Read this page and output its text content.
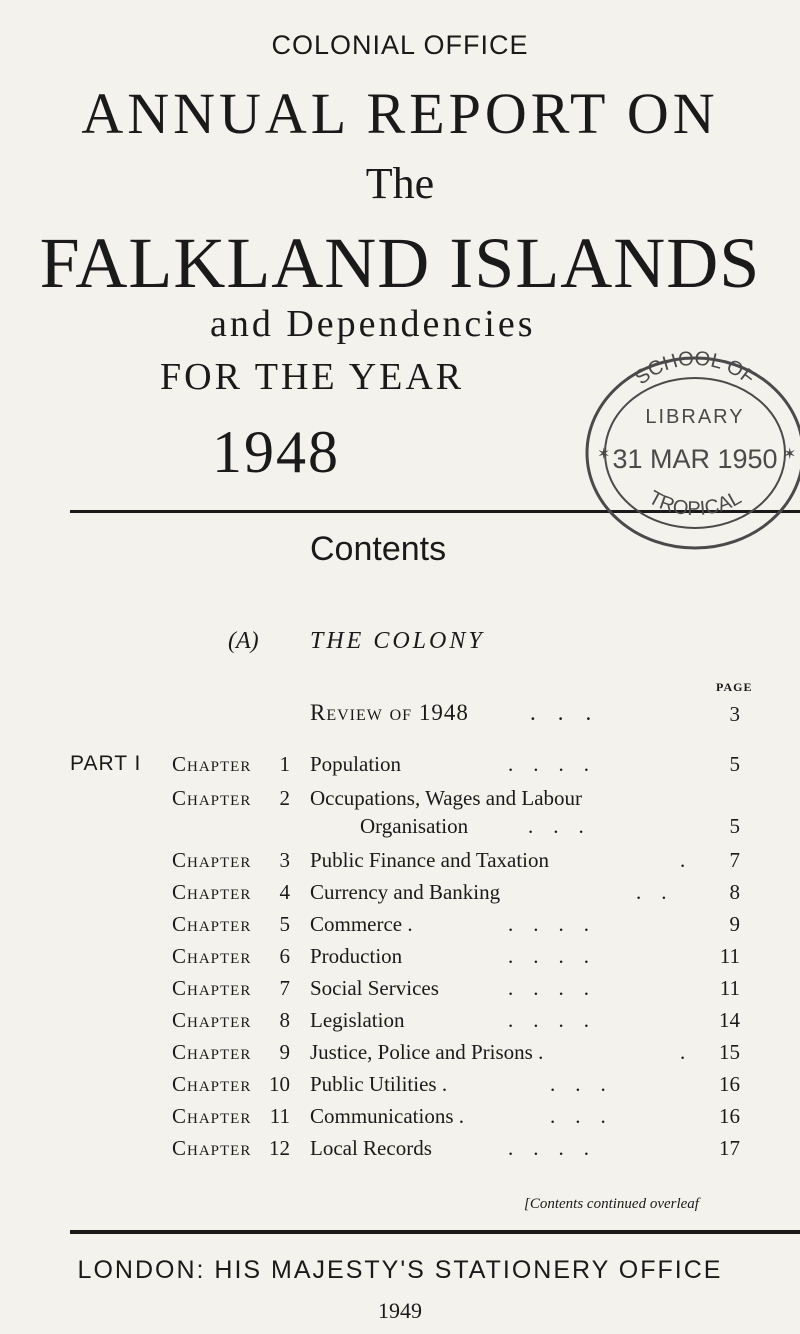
COLONIAL OFFICE
ANNUAL REPORT ON
The
FALKLAND ISLANDS
and Dependencies
FOR THE YEAR
1948
SCHOOL OF
LIBRARY
31 MAR 1950
TROPICAL
✶	✶
Contents
(A) THE COLONY
PAGE
Review of 1948	...	3
PART I Chapter	1 Population	....	5
Chapter	2 Occupations, Wages and Labour
Organisation	...	5
Chapter	3 Public Finance and Taxation	.	7
Chapter	4 Currency and Banking	..	8
Chapter	5 Commerce .	....	9
Chapter	6 Production	....	11
Chapter	7 Social Services	....	11
Chapter	8 Legislation	....	14
Chapter	9 Justice, Police and Prisons .	. 15
Chapter 10 Public Utilities .	...	16
Chapter 11 Communications .	...	16
Chapter 12 Local Records	....	17
[Contents continued overleaf
LONDON: HIS MAJESTY'S STATIONERY OFFICE
1949
